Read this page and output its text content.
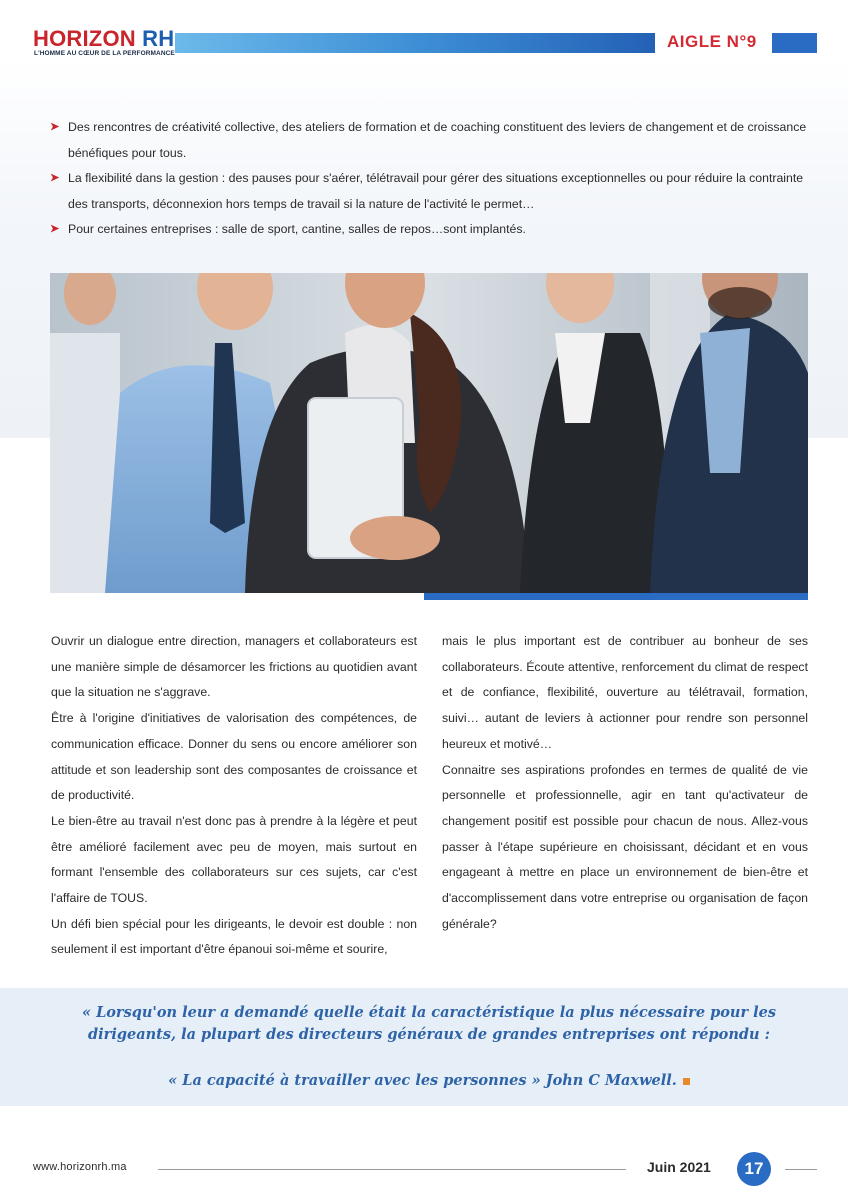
HORIZON RH
L'HOMME AU CŒUR DE LA PERFORMANCE
AIGLE N°9
➤ Des rencontres de créativité collective, des ateliers de formation et de coaching constituent des leviers de changement et de croissance bénéfiques pour tous.
➤ La flexibilité dans la gestion : des pauses pour s'aérer, télétravail pour gérer des situations exceptionnelles ou pour réduire la contrainte des transports, déconnexion hors temps de travail si la nature de l'activité le permet…
➤ Pour certaines entreprises : salle de sport, cantine, salles de repos…sont implantés.

Ouvrir un dialogue entre direction, managers et collaborateurs est une manière simple de désamorcer les frictions au quotidien avant que la situation ne s'aggrave.

Être à l'origine d'initiatives de valorisation des compétences, de communication efficace. Donner du sens ou encore améliorer son attitude et son leadership sont des composantes de croissance et de productivité.

Le bien-être au travail n'est donc pas à prendre à la légère et peut être amélioré facilement avec peu de moyen, mais surtout en formant l'ensemble des collaborateurs sur ces sujets, car c'est l'affaire de TOUS.

Un défi bien spécial pour les dirigeants, le devoir est double : non seulement il est important d'être épanoui soi-même et sourire,

mais le plus important est de contribuer au bonheur de ses collaborateurs. Écoute attentive, renforcement du climat de respect et de confiance, flexibilité, ouverture au télétravail, formation, suivi… autant de leviers à actionner pour rendre son personnel heureux et motivé…

Connaitre ses aspirations profondes en termes de qualité de vie personnelle et professionnelle, agir en tant qu'activateur de changement positif est possible pour chacun de nous. Allez-vous passer à l'étape supérieure en choisissant, décidant et en vous engageant à mettre en place un environnement de bien-être et d'accomplissement dans votre entreprise ou organisation de façon générale?

« Lorsqu'on leur a demandé quelle était la caractéristique la plus nécessaire pour les dirigeants, la plupart des directeurs généraux de grandes entreprises ont répondu :
« La capacité à travailler avec les personnes » John C Maxwell.
www.horizonrh.ma	Juin 2021	17
